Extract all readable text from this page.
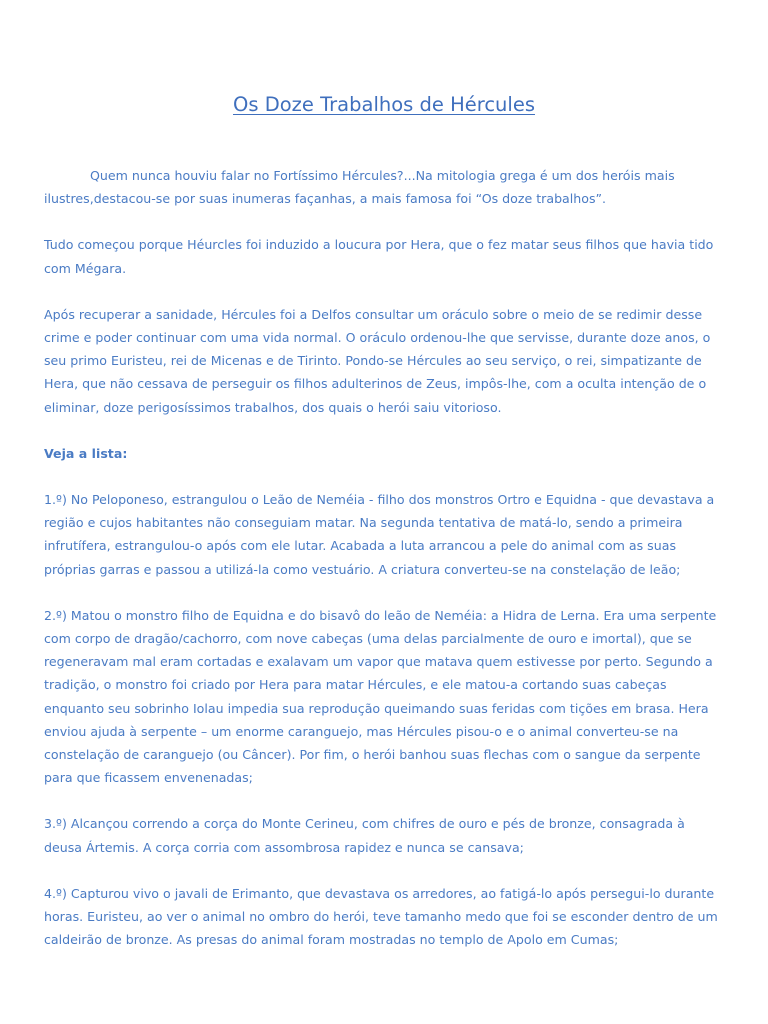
Os Doze Trabalhos de Hércules

Quem nunca houviu falar no Fortíssimo Hércules?...Na mitologia grega é um dos heróis mais ilustres,destacou-se por suas inumeras façanhas, a mais famosa foi “Os doze trabalhos”.

Tudo começou porque Héurcles foi induzido a loucura por Hera, que o fez matar seus filhos que havia tido com Mégara.

Após recuperar a sanidade, Hércules foi a Delfos consultar um oráculo sobre o meio de se redimir desse crime e poder continuar com uma vida normal. O oráculo ordenou-lhe que servisse, durante doze anos, o seu primo Euristeu, rei de Micenas e de Tirinto. Pondo-se Hércules ao seu serviço, o rei, simpatizante de Hera, que não cessava de perseguir os filhos adulterinos de Zeus, impôs-lhe, com a oculta intenção de o eliminar, doze perigosíssimos trabalhos, dos quais o herói saiu vitorioso.

Veja a lista:

1.º) No Peloponeso, estrangulou o Leão de Neméia - filho dos monstros Ortro e Equidna - que devastava a região e cujos habitantes não conseguiam matar. Na segunda tentativa de matá-lo, sendo a primeira infrutífera, estrangulou-o após com ele lutar. Acabada a luta arrancou a pele do animal com as suas próprias garras e passou a utilizá-la como vestuário. A criatura converteu-se na constelação de leão;

2.º) Matou o monstro filho de Equidna e do bisavô do leão de Neméia: a Hidra de Lerna. Era uma serpente com corpo de dragão/cachorro, com nove cabeças (uma delas parcialmente de ouro e imortal), que se regeneravam mal eram cortadas e exalavam um vapor que matava quem estivesse por perto. Segundo a tradição, o monstro foi criado por Hera para matar Hércules, e ele matou-a cortando suas cabeças enquanto seu sobrinho Iolau impedia sua reprodução queimando suas feridas com tições em brasa. Hera enviou ajuda à serpente – um enorme caranguejo, mas Hércules pisou-o e o animal converteu-se na constelação de caranguejo (ou Câncer). Por fim, o herói banhou suas flechas com o sangue da serpente para que ficassem envenenadas;

3.º) Alcançou correndo a corça do Monte Cerineu, com chifres de ouro e pés de bronze, consagrada à deusa Ártemis. A corça corria com assombrosa rapidez e nunca se cansava;

4.º) Capturou vivo o javali de Erimanto, que devastava os arredores, ao fatigá-lo após persegui-lo durante horas. Euristeu, ao ver o animal no ombro do herói, teve tamanho medo que foi se esconder dentro de um caldeirão de bronze. As presas do animal foram mostradas no templo de Apolo em Cumas;
